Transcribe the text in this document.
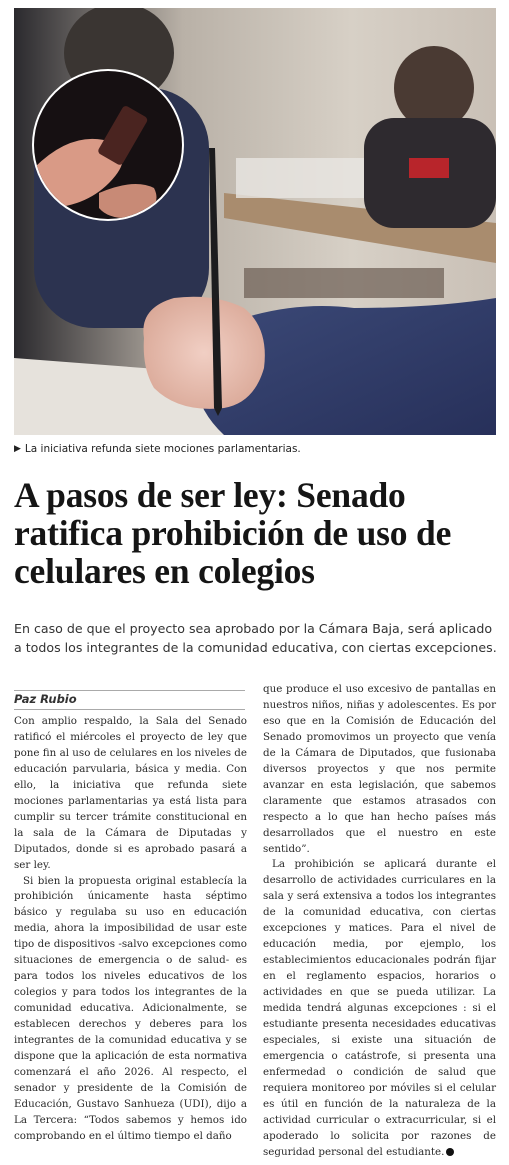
▶ La iniciativa refunda siete mociones parlamentarias.
A pasos de ser ley: Senado ratifica prohibición de uso de celulares en colegios

En caso de que el proyecto sea aprobado por la Cámara Baja, será aplicado a todos los integrantes de la comunidad educativa, con ciertas excepciones.

Paz Rubio

Con amplio respaldo, la Sala del Senado ratificó el miércoles el proyecto de ley que pone fin al uso de celulares en los niveles de educación parvularia, básica y media. Con ello, la iniciativa que refunda siete mociones parlamentarias ya está lista para cumplir su tercer trámite constitucional en la sala de la Cámara de Diputadas y Diputados, donde si es aprobado pasará a ser ley.

Si bien la propuesta original establecía la prohibición únicamente hasta séptimo básico y regulaba su uso en educación media, ahora la imposibilidad de usar este tipo de dispositivos -salvo excepciones como situaciones de emergencia o de salud- es para todos los niveles educativos de los colegios y para todos los integrantes de la comunidad educativa. Adicionalmente, se establecen derechos y deberes para los integrantes de la comunidad educativa y se dispone que la aplicación de esta normativa comenzará el año 2026. Al respecto, el senador y presidente de la Comisión de Educación, Gustavo Sanhueza (UDI), dijo a La Tercera: “Todos sabemos y hemos ido comprobando en el último tiempo el daño

que produce el uso excesivo de pantallas en nuestros niños, niñas y adolescentes. Es por eso que en la Comisión de Educación del Senado promovimos un proyecto que venía de la Cámara de Diputados, que fusionaba diversos proyectos y que nos permite avanzar en esta legislación, que sabemos claramente que estamos atrasados con respecto a lo que han hecho países más desarrollados que el nuestro en este sentido”.

La prohibición se aplicará durante el desarrollo de actividades curriculares en la sala y será extensiva a todos los integrantes de la comunidad educativa, con ciertas excepciones y matices. Para el nivel de educación media, por ejemplo, los establecimientos educacionales podrán fijar en el reglamento espacios, horarios o actividades en que se pueda utilizar. La medida tendrá algunas excepciones : si el estudiante presenta necesidades educativas especiales, si existe una situación de emergencia o catástrofe, si presenta una enfermedad o condición de salud que requiera monitoreo por móviles si el celular es útil en función de la naturaleza de la actividad curricular o extracurricular, si el apoderado lo solicita por razones de seguridad personal del estudiante.
